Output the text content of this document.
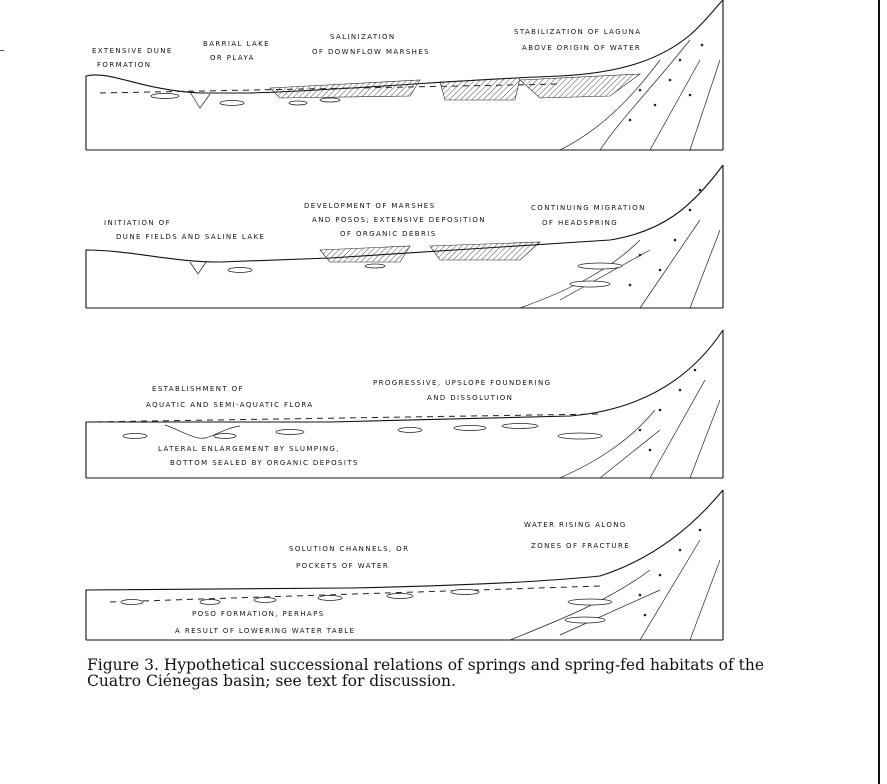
EXTENSIVE DUNE
FORMATION
BARRIAL LAKE
OR PLAYA
SALINIZATION
OF DOWNFLOW MARSHES
STABILIZATION OF LAGUNA
ABOVE ORIGIN OF WATER
INITIATION OF
DUNE FIELDS AND SALINE LAKE
DEVELOPMENT OF MARSHES
AND POSOS; EXTENSIVE DEPOSITION
OF ORGANIC DEBRIS
CONTINUING MIGRATION
OF HEADSPRING
ESTABLISHMENT OF
AQUATIC AND SEMI-AQUATIC FLORA
PROGRESSIVE, UPSLOPE FOUNDERING
AND DISSOLUTION
LATERAL ENLARGEMENT BY SLUMPING,
BOTTOM SEALED BY ORGANIC DEPOSITS
WATER RISING ALONG
ZONES OF FRACTURE
SOLUTION CHANNELS, OR
POCKETS OF WATER
POSO FORMATION, PERHAPS
A RESULT OF LOWERING WATER TABLE

Figure 3. Hypothetical successional relations of springs and spring-fed habitats of the Cuatro Ciénegas basin; see text for discussion.
